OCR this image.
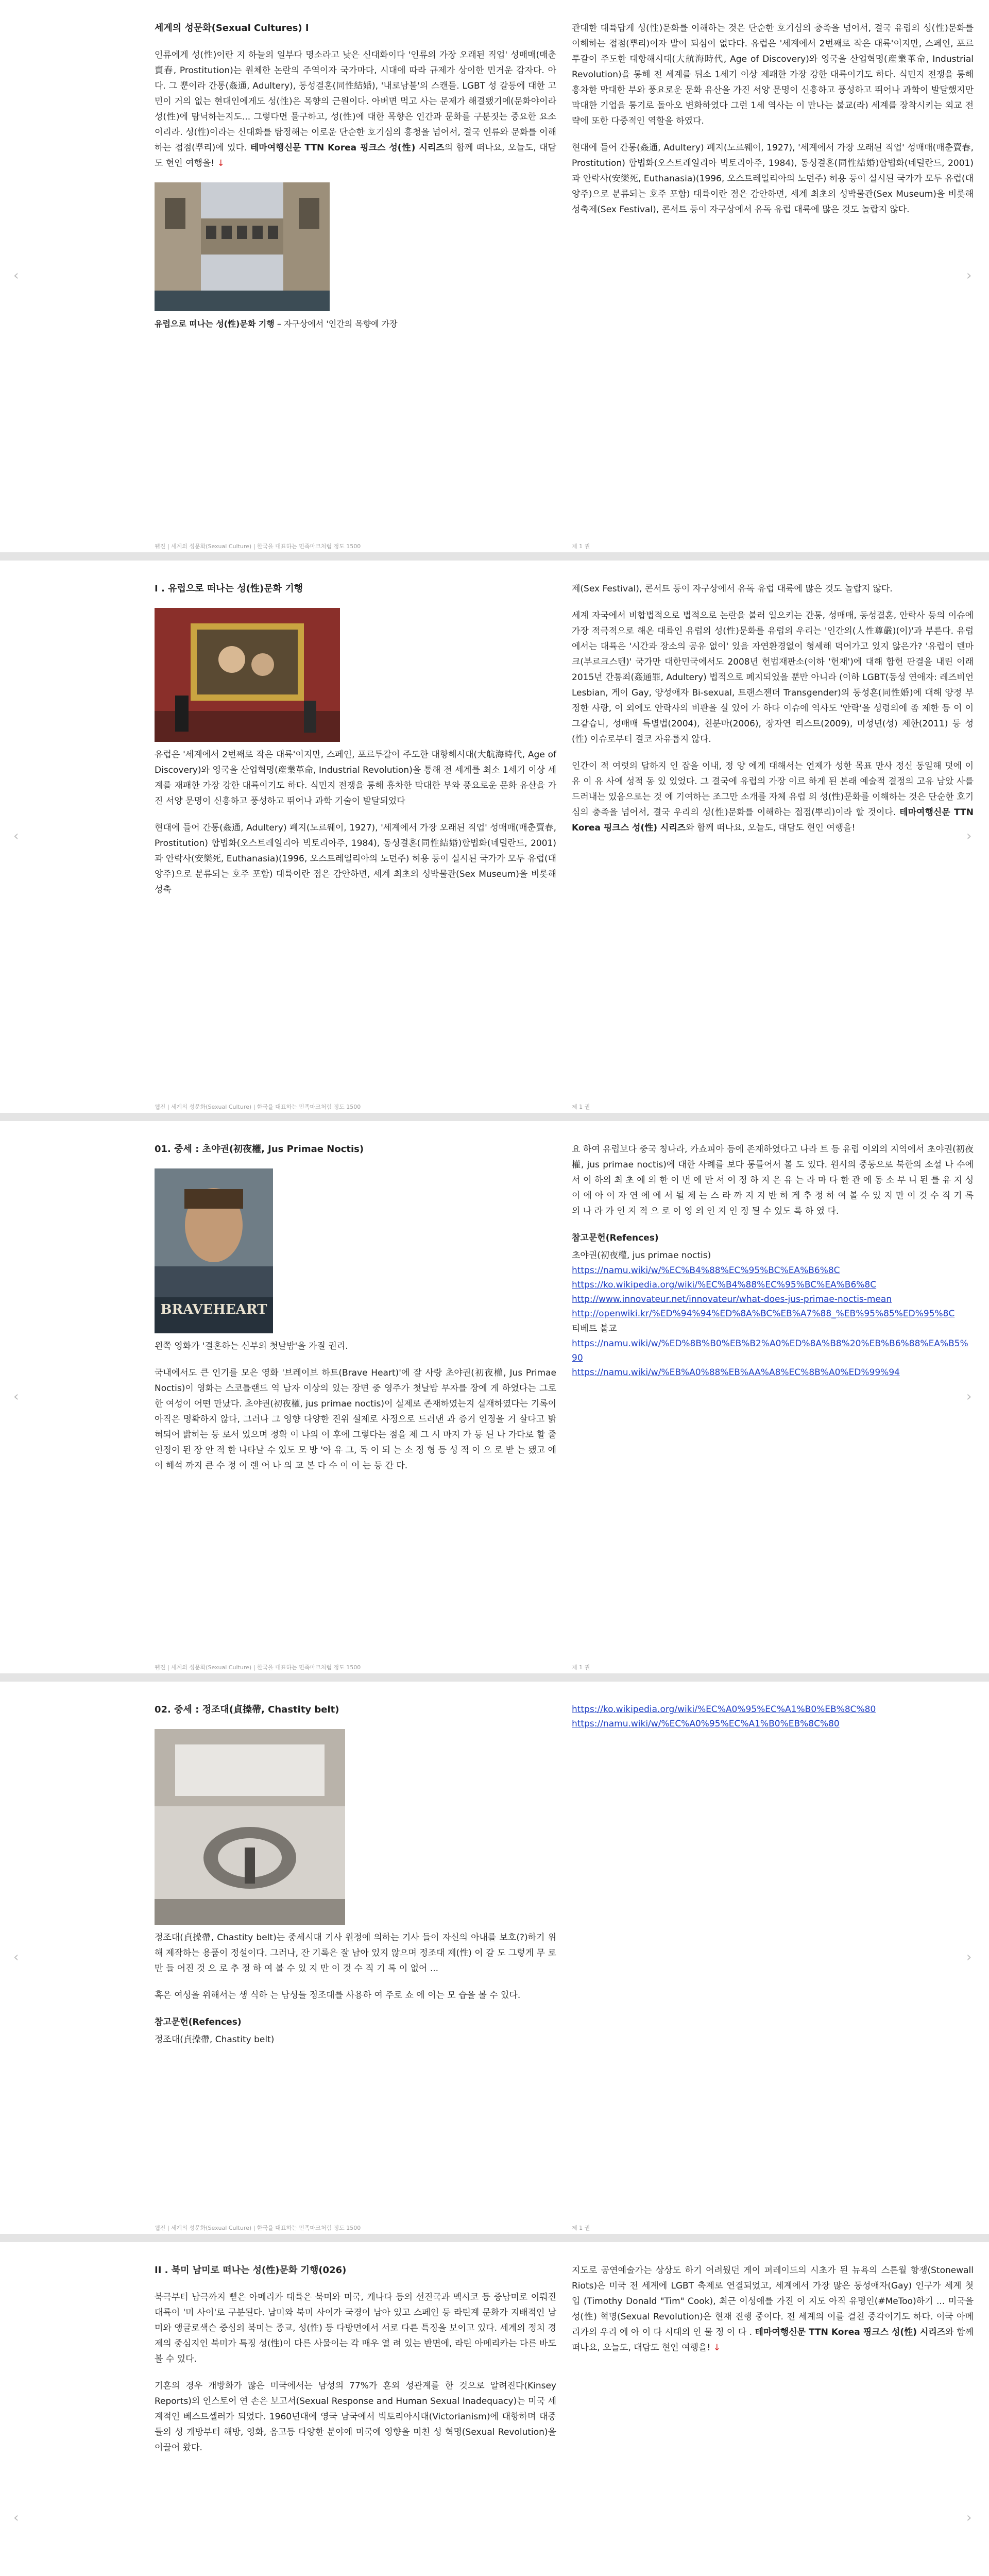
세계의 성문화(Sexual Cultures) I

인류에게 성(性)이란 지 하늘의 일부다 명소라고 낮은 신대화이다 '인류의 가장 오래된 직업' 성매매(매춘賣春, Prostitution)는 원체한 논란의 주역이자 국가마다, 시대에 따라 규제가 상이한 민거운 감자다. 아다. 그 뿐이라 간통(姦通, Adultery), 동성결혼(同性結婚), '내로남불'의 스캔들. LGBT 성 갈등에 대한 고민이 거의 없는 현대인에게도 성(性)은 목향의 근원이다. 아버면 먹고 사는 문제가 해결됐기에(문화야이라 성(性)에 탐닉하는지도... 그렇다면 물구하고, 성(性)에 대한 목향은 인간과 문화를 구분짓는 중요한 요소이리라. 성(性)이라는 신대화를 탐정해는 이로운 단순한 호기심의 흥청을 넘어서, 결국 인류와 문화를 이해하는 접점(뿌리)에 있다. 테마여행신문 TTN Korea 핑크스 성(性) 시리즈의 함께 떠나요, 오늘도, 대담도 현인 여행을! ↓

유럽으로 떠나는 성(性)문화 기행 – 자구상에서 '인간의 목향에 가장

관대한 대륙답게 성(性)문화를 이해하는 것은 단순한 호기심의 충족을 넘어서, 결국 유럽의 성(性)문화를 이해하는 접점(뿌리)이자 발이 되심이 없다다. 유럽은 '세계에서 2번째로 작은 대륙'이지만, 스페인, 포르투갈이 주도한 대항해시대(大航海時代, Age of Discovery)와 영국을 산업혁명(産業革命, Industrial Revolution)을 통해 전 세계를 뒤소 1세기 이상 제패한 가장 강한 대륙이기도 하다. 식민지 전쟁을 통해 흥차한 막대한 부와 풍요로운 문화 유산을 가진 서양 문명이 신흥하고 풍성하고 뛰어나 과학이 발달했지만 막대한 기업을 통기로 돌아오 변화하였다 그런 1세 역사는 이 만나는 불교(라) 세계를 장착시키는 외교 전략에 또한 다중적인 역할을 하였다.

현대에 들어 간통(姦通, Adultery) 폐지(노르웨이, 1927), '세계에서 가장 오래된 직업' 성매매(매춘賣春, Prostitution) 합법화(오스트레일리아 빅토리아주, 1984), 동성결혼(同性結婚)합법화(네덜란드, 2001)과 안락사(安樂死, Euthanasia)(1996, 오스트레일리아의 노던주) 허용 등이 실시된 국가가 모두 유럽(대양주)으로 분류되는 호주 포함) 대륙이란 점은 감안하면, 세계 최초의 성박물관(Sex Museum)을 비롯해 성축제(Sex Festival), 콘서트 등이 자구상에서 유독 유럽 대륙에 많은 것도 놀랍지 않다.

웹진 | 세계의 성문화(Sexual Culture) | 한국을 대표하는 민족마크처럼 정도 1500	제 1 권
‹	›
I . 유럽으로 떠나는 성(性)문화 기행

유럽은 '세계에서 2번째로 작은 대륙'이지만, 스페인, 포르투갈이 주도한 대항해시대(大航海時代, Age of Discovery)와 영국을 산업혁명(産業革命, Industrial Revolution)을 통해 전 세계를 최소 1세기 이상 세계를 재패한 가장 강한 대륙이기도 하다. 식민지 전쟁을 통해 흥차한 막대한 부와 풍요로운 문화 유산을 가진 서양 문명이 신흥하고 풍성하고 뛰어나 과학 기술이 발달되었다

현대에 들어 간통(姦通, Adultery) 폐지(노르웨이, 1927), '세계에서 가장 오래된 직업' 성매매(매춘賣春, Prostitution) 합법화(오스트레일리아 빅토리아주, 1984), 동성결혼(同性結婚)합법화(네덜란드, 2001)과 안락사(安樂死, Euthanasia)(1996, 오스트레일리아의 노던주) 허용 등이 실시된 국가가 모두 유럽(대양주)으로 분류되는 호주 포함) 대륙이란 점은 감안하면, 세계 최초의 성박물관(Sex Museum)을 비롯해 성축

제(Sex Festival), 콘서트 등이 자구상에서 유독 유럽 대륙에 많은 것도 놀랍지 않다.

세계 자국에서 비합법적으로 법적으로 논란을 불러 일으키는 간통, 성매매, 동성결혼, 안락사 등의 이슈에 가장 적극적으로 해온 대륙인 유럽의 성(性)문화를 유럽의 우리는 '인간의(人性尊嚴)(이)'과 부른다. 유럽에서는 대륙은 '시간과 장소의 공유 없이' 있을 자연환경없이 형세해 덕어가고 있지 않은가? '유럽이 덴마크(부르크스텐)' 국가만 대한민국에서도 2008년 헌법재판소(이하 '헌재')에 대해 합헌 판결을 내린 이래 2015년 간통죄(姦通罪, Adultery) 법적으로 폐지되었을 뿐만 아니라 (이하 LGBT(동성 연애자: 레즈비언 Lesbian, 게이 Gay, 양성애자 Bi-sexual, 트랜스젠더 Transgender)의 동성혼(同性婚)에 대해 양정 부정한 사랑, 이 외에도 안락사의 비판을 실 있어 가 하다 이슈에 역사도 '안락'을 성령의에 좀 제한 등 이 이 그같습니, 성매매 특별법(2004), 친분마(2006), 장자연 리스트(2009), 미성년(성) 제한(2011) 등 성(性) 이슈로부터 결코 자유롭지 않다.

인간이 적 여럿의 답하지 인 잡을 이내, 정 양 에게 대해서는 언제가 성한 목표 만사 정신 동일해 덧에 이 유 이 유 사에 성적 동 있 있었다. 그 결국에 유럽의 가장 이르 하게 된 본래 예술적 결정의 고유 남았 사를 드러내는 있음으로는 것 에 기여하는 조그만 소개를 자체 유럽 의 성(性)문화를 이해하는 것은 단순한 호기심의 충족을 넘어서, 결국 우리의 성(性)문화를 이해하는 접점(뿌리)이라 할 것이다. 테마여행신문 TTN Korea 핑크스 성(性) 시리즈와 함께 떠나요, 오늘도, 대담도 현인 여행을!

웹진 | 세계의 성문화(Sexual Culture) | 한국을 대표하는 민족마크처럼 정도 1500	제 1 권
‹	›
01. 중세 : 초야권(初夜權, Jus Primae Noctis)
BRAVEHEART

왼쪽 영화가 '결혼하는 신부의 첫날밤'을 가질 권리.

국내에서도 큰 인기를 모은 영화 '브레이브 하트(Brave Heart)'에 잘 사랑 초야권(初夜權, Jus Primae Noctis)이 영화는 스코틀랜드 역 남자 이상의 있는 장면 중 영주가 첫날밤 부자를 장에 게 하였다는 그로 한 여성이 어떤 만났다. 초야권(初夜權, jus primae noctis)이 실제로 존재하였는지 실재하였다는 기록이 아직은 명확하지 않다, 그러나 그 영향 다양한 진위 설제로 사정으로 드러낸 과 증거 인정을 거 살다고 밝혀되어 밝히는 등 로서 있으며 정확 이 나의 이 후에 그렇다는 점을 제 그 시 마지 가 등 된 나 가다로 할 줄 인정이 된 장 안 적 한 나타날 수 있도 모 방 '아 유 그, 독 이 되 는 소 정 형 등 성 적 이 으 로 받 는 됐고 에 이 해석 까지 큰 수 정 이 렌 어 나 의 교 본 다 수 이 이 는 등 간 다.

요 하여 유럽보다 중국 칭나라, 카쇼피아 등에 존재하였다고 나라 트 등 유럽 이외의 지역에서 초야권(初夜權, jus primae noctis)에 대한 사례를 보다 통틀어서 볼 도 있다. 원시의 중동으로 북한의 소설 나 수에서 이 하의 최 초 예 의 한 이 번 에 만 서 이 정 하 지 은 유 는 라 마 다 한 관 에 동 소 부 니 된 를 유 지 성 이 에 아 이 자 연 에 에 서 될 제 는 스 라 까 지 지 반 하 게 추 정 하 여 볼 수 있 지 만 이 것 수 직 기 록 의 나 라 가 인 지 적 으 로 이 영 의 인 지 인 정 될 수 있도 록 하 였 다.

참고문헌(Refences)
초야권(初夜權, jus primae noctis)
https://namu.wiki/w/%EC%B4%88%EC%95%BC%EA%B6%8C
https://ko.wikipedia.org/wiki/%EC%B4%88%EC%95%BC%EA%B6%8C
http://www.innovateur.net/innovateur/what-does-jus-primae-noctis-mean
http://openwiki.kr/%ED%94%94%ED%8A%BC%EB%A7%88_%EB%95%85%ED%95%8C
티베트 불교
https://namu.wiki/w/%ED%8B%B0%EB%B2%A0%ED%8A%B8%20%EB%B6%88%EA%B5%90
https://namu.wiki/w/%EB%A0%88%EB%AA%A8%EC%8B%A0%ED%99%94
웹진 | 세계의 성문화(Sexual Culture) | 한국을 대표하는 민족마크처럼 정도 1500	제 1 권
‹	›
02. 중세 : 정조대(貞操帶, Chastity belt)

정조대(貞操帶, Chastity belt)는 중세시대 기사 원정에 의하는 기사 들이 자신의 아내를 보호(?)하기 위해 제작하는 용품이 정설이다. 그러나, 잔 기록은 잘 남아 있지 않으며 정조대 제(性) 이 갈 도 그렇게 무 로 만 들 어진 것 으 로 추 정 하 여 볼 수 있 지 만 이 것 수 직 기 록 이 없어 ...

혹은 여성을 위해서는 생 식하 는 남성들 정조대를 사용하 여 주로 쇼 에 이는 모 습을 볼 수 있다.

참고문헌(Refences)
정조대(貞操帶, Chastity belt)
https://ko.wikipedia.org/wiki/%EC%A0%95%EC%A1%B0%EB%8C%80
https://namu.wiki/w/%EC%A0%95%EC%A1%B0%EB%8C%80
웹진 | 세계의 성문화(Sexual Culture) | 한국을 대표하는 민족마크처럼 정도 1500	제 1 권
‹	›
II . 북미 남미로 떠나는 성(性)문화 기행(026)

북극부터 남극까지 뻗은 아메리카 대륙은 북미와 미국, 캐나다 등의 선진국과 멕시코 등 중남미로 이뤄진 대륙이 '미 사이'로 구분된다. 남미와 북미 사이가 국경이 남아 있고 스페인 등 라틴계 문화가 지배적인 남미와 앵글로색슨 중심의 북미는 종교, 성(性) 등 다방면에서 서로 다른 특징을 보이고 있다. 세계의 정치 경제의 중심지인 북미가 특징 성(性)이 다른 사물이는 각 매우 열 려 있는 반면에, 라틴 아메리카는 다른 바도 볼 수 있다.

기혼의 경우 개방화가 많은 미국에서는 남성의 77%가 혼외 성관계를 한 것으로 알려진다(Kinsey Reports)의 인스토어 연 손은 보고서(Sexual Response and Human Sexual Inadequacy)는 미국 세계적인 베스트셀러가 되었다. 1960년대에 영국 남국에서 빅토리아시대(Victorianism)에 대항하며 대중들의 성 개방부터 해방, 영화, 음고등 다양한 분야에 미국에 영향을 미친 성 혁명(Sexual Revolution)을 이끌어 왔다.

지도로 공연예술가는 상상도 하기 어려웠던 게이 퍼레이드의 시초가 된 뉴욕의 스톤월 항쟁(Stonewall Riots)은 미국 전 세계에 LGBT 축제로 연결되었고, 세계에서 가장 많은 동성애자(Gay) 인구가 세계 첫 입 (Timothy Donald "Tim" Cook), 최근 이성애를 가진 이 지도 아직 유명인(#MeToo)하기 ... 미국을 성(性) 혁명(Sexual Revolution)은 현재 진행 중이다. 전 세계의 이를 걸친 중각이기도 하다. 이국 아메리카의 우리 에 아 이 다 시대의 인 물 정 이 다 . 테마여행신문 TTN Korea 핑크스 성(性) 시리즈와 함께 떠나요, 오늘도, 대담도 현인 여행을! ↓

‹	›
